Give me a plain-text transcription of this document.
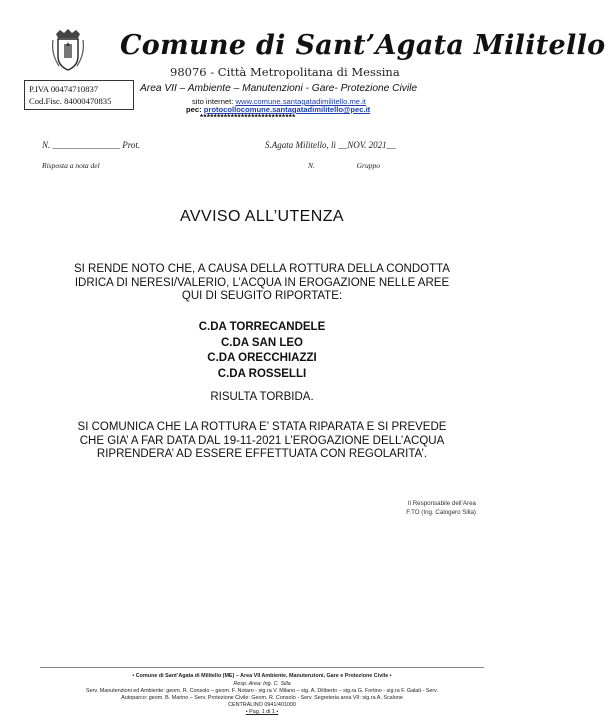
Comune di Sant’Agata Militello
98076 - Città Metropolitana di Messina
P.IVA 00474710837
Cod.Fisc. 84000470835
Area VII – Ambiente – Manutenzioni - Gare- Protezione Civile
sito internet: www.comune.santagatadimilitello.me.it
pec: protocollocomune.santagatadimilitello@pec.it
****************************
N. _______________ Prot.	S.Agata Militello, lì __NOV. 2021__
Risposta a nota del	N.	Gruppo
AVVISO ALL’UTENZA
SI RENDE NOTO CHE, A CAUSA DELLA ROTTURA DELLA CONDOTTA
IDRICA DI NERESI/VALERIO, L’ACQUA IN EROGAZIONE NELLE AREE
QUI DI SEUGITO RIPORTATE:
C.DA TORRECANDELE
C.DA SAN LEO
C.DA ORECCHIAZZI
C.DA ROSSELLI
RISULTA TORBIDA.
SI COMUNICA CHE LA ROTTURA E’ STATA RIPARATA E SI PREVEDE
CHE GIA’ A FAR DATA DAL 19-11-2021 L’EROGAZIONE DELL’ACQUA
RIPRENDERA’ AD ESSERE EFFETTUATA CON REGOLARITA’.
Il Responsabile dell’Area
F.TO (Ing. Calogero Silla)
• Comune di Sant’Agata di Militello (ME) – Area VII Ambiente, Manutenzioni, Gare e Protezione Civile •
Resp. Area: Ing. C. Silla
Serv. Manutenzioni ed Ambiente: geom. R. Consolo – geom. F. Notaro - sig.ra V. Milano – sig. A. Diliberto – sig.ra G. Fortino - sig.ra F. Galati - Serv.
Autoparco: geom. B. Marino – Serv. Protezione Civile: Geom. R. Consolo - Serv. Segreteria area VII: sig.ra A. Scalone
CENTRALINO 0941/401000
• Pag. 1 di 1 •
